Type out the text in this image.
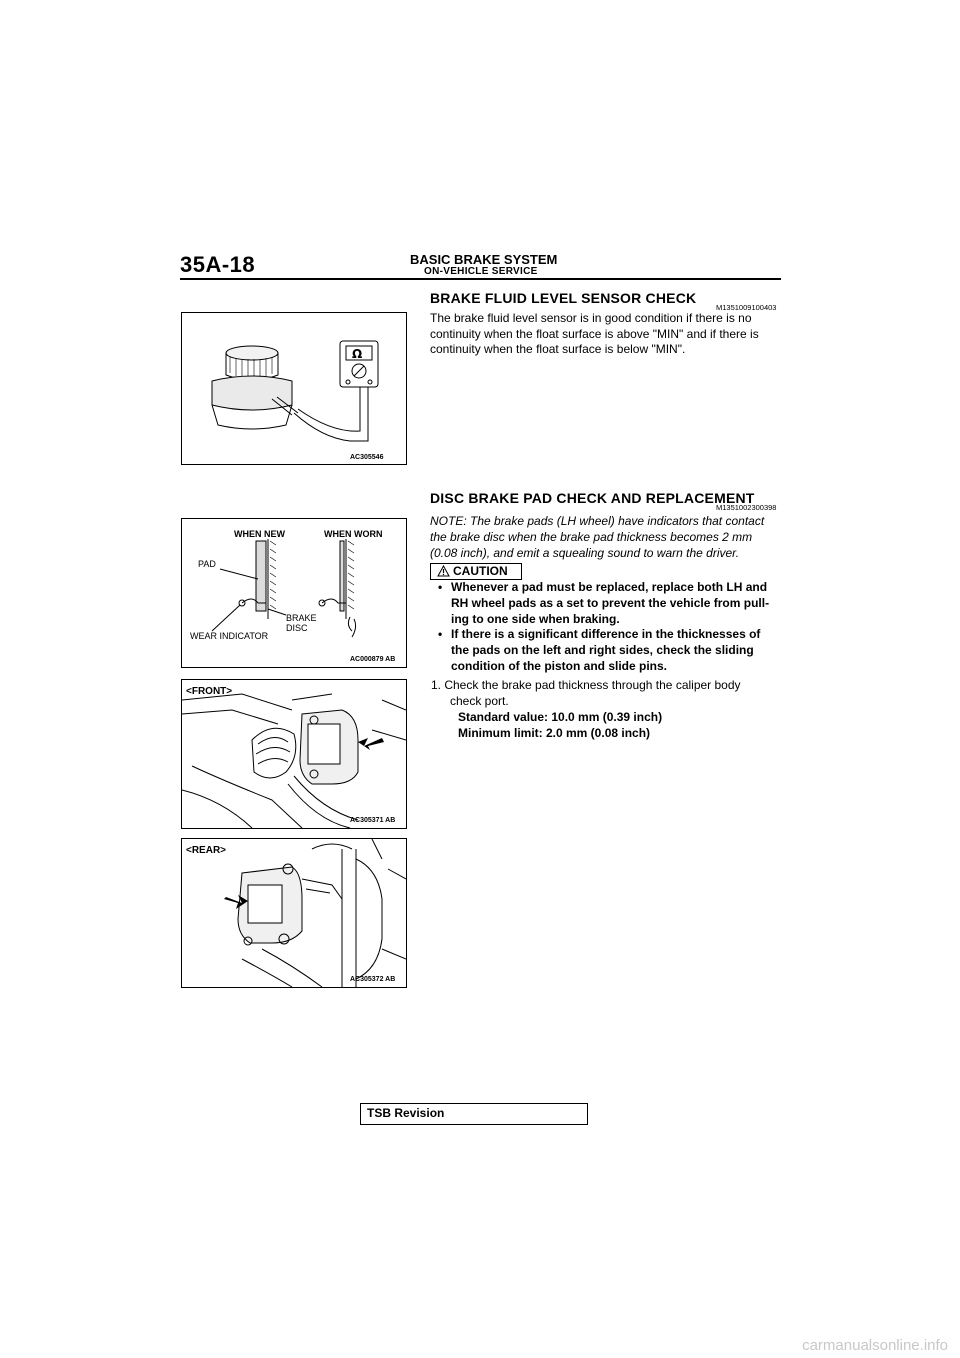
35A-18	BASIC BRAKE SYSTEM
ON-VEHICLE SERVICE
Ω
AC305546
WHEN NEW	WHEN WORN
PAD
BRAKE
DISC
WEAR INDICATOR
AC000879 AB
<FRONT>
AC305371 AB
<REAR>
AC305372 AB
BRAKE FLUID LEVEL SENSOR CHECK
M1351009100403
The brake fluid level sensor is in good condition if there is no
continuity when the float surface is above "MIN" and if there is
continuity when the float surface is below "MIN".
DISC BRAKE PAD CHECK AND REPLACEMENT
M1351002300398
NOTE: The brake pads (LH wheel) have indicators that contact
the brake disc when the brake pad thickness becomes 2 mm
(0.08 inch), and emit a squealing sound to warn the driver.
CAUTION
• Whenever a pad must be replaced, replace both LH and
RH wheel pads as a set to prevent the vehicle from pull-
ing to one side when braking.
• If there is a significant difference in the thicknesses of
the pads on the left and right sides, check the sliding
condition of the piston and slide pins.
1. Check the brake pad thickness through the caliper body
check port.
Standard value: 10.0 mm (0.39 inch)
Minimum limit: 2.0 mm (0.08 inch)
TSB Revision
carmanualsonline.info
